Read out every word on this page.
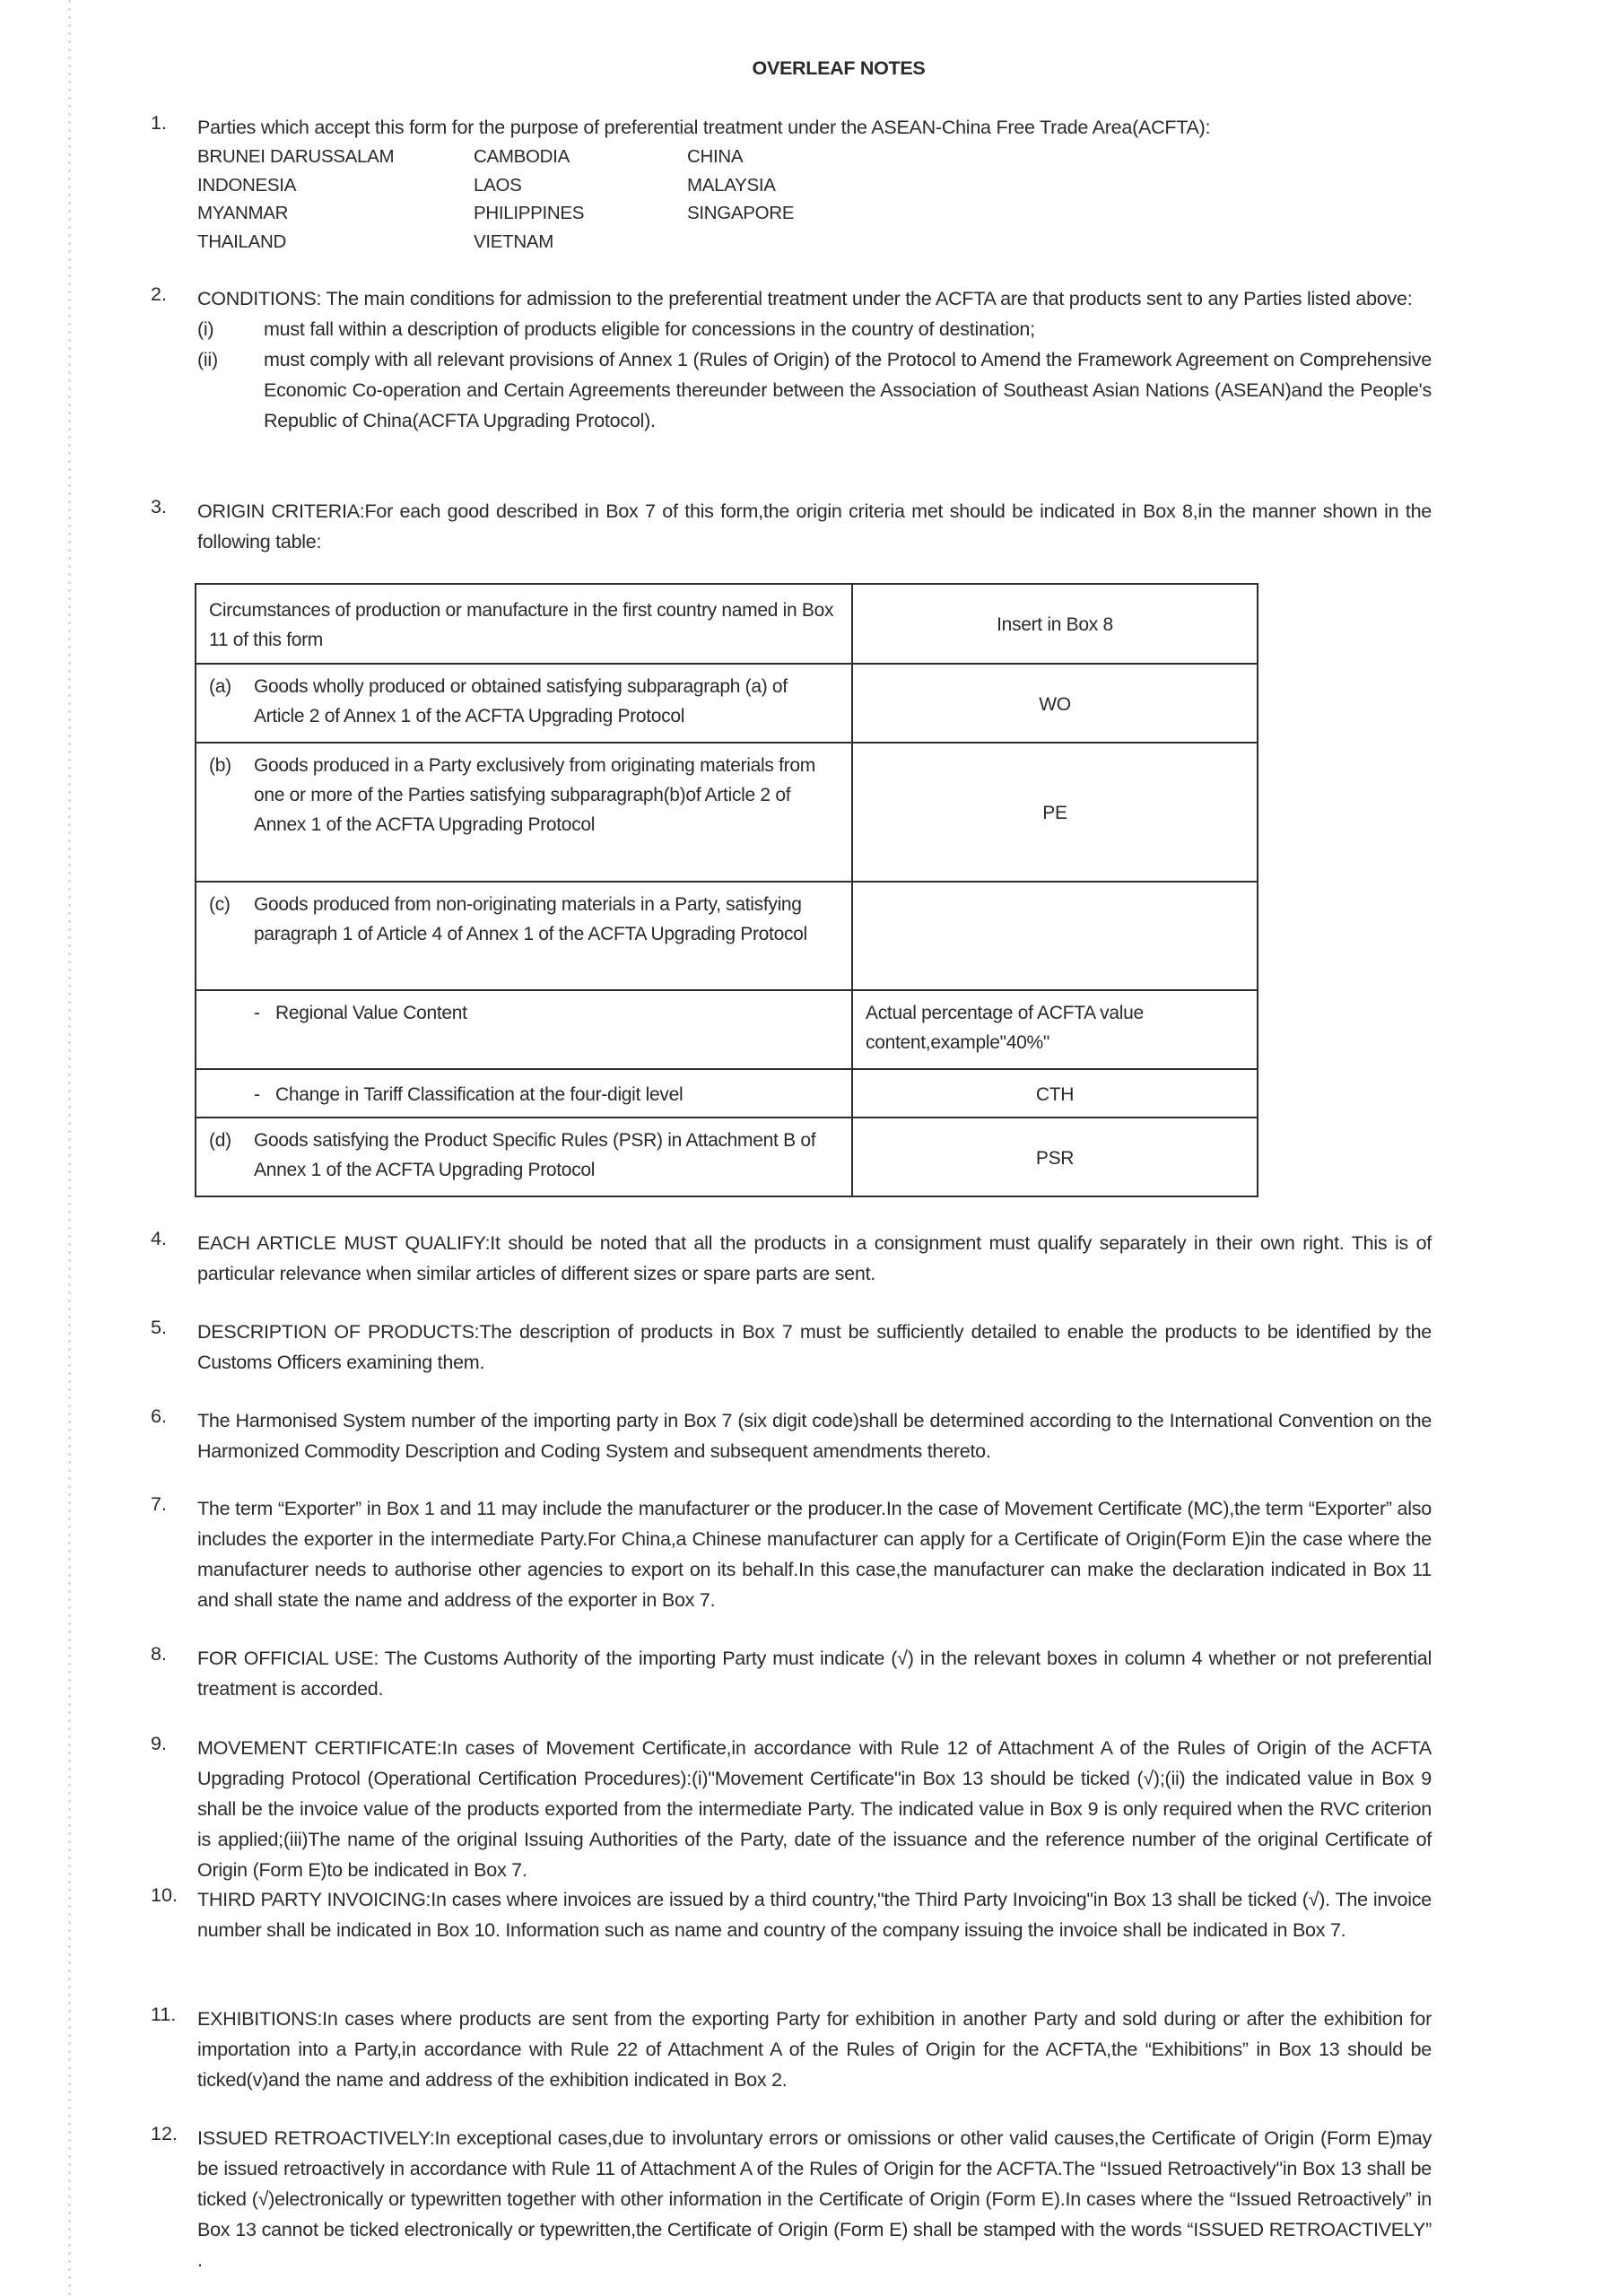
OVERLEAF NOTES
1.	Parties which accept this form for the purpose of preferential treatment under the ASEAN-China Free Trade Area(ACFTA):
BRUNEI DARUSSALAM	CAMBODIA	CHINA
INDONESIA	LAOS	MALAYSIA
MYANMAR	PHILIPPINES	SINGAPORE
THAILAND	VIETNAM
2.	CONDITIONS: The main conditions for admission to the preferential treatment under the ACFTA are that products sent to any Parties listed above:
(i)	must fall within a description of products eligible for concessions in the country of destination;
(ii)	must comply with all relevant provisions of Annex 1 (Rules of Origin) of the Protocol to Amend the Framework Agreement on Comprehensive Economic Co-operation and Certain Agreements thereunder between the Association of Southeast Asian Nations (ASEAN)and the People's Republic of China(ACFTA Upgrading Protocol).
3.	ORIGIN CRITERIA:For each good described in Box 7 of this form,the origin criteria met should be indicated in Box 8,in the manner shown in the following table:
Circumstances of production or manufacture in the first country named in Box 11 of this form	Insert in Box 8

(a) Goods wholly produced or obtained satisfying subparagraph (a) of Article 2 of Annex 1 of the ACFTA Upgrading Protocol	WO

(b) Goods produced in a Party exclusively from originating materials from one or more of the Parties satisfying subparagraph(b)of Article 2 of Annex 1 of the ACFTA Upgrading Protocol	PE

(c) Goods produced from non-originating materials in a Party, satisfying paragraph 1 of Article 4 of Annex 1 of the ACFTA Upgrading Protocol	

- Regional Value Content	Actual percentage of ACFTA value content,example"40%"

- Change in Tariff Classification at the four-digit level	CTH

(d) Goods satisfying the Product Specific Rules (PSR) in Attachment B of Annex 1 of the ACFTA Upgrading Protocol	PSR
4.	EACH ARTICLE MUST QUALIFY:It should be noted that all the products in a consignment must qualify separately in their own right. This is of particular relevance when similar articles of different sizes or spare parts are sent.
5.	DESCRIPTION OF PRODUCTS:The description of products in Box 7 must be sufficiently detailed to enable the products to be identified by the Customs Officers examining them.
6.	The Harmonised System number of the importing party in Box 7 (six digit code)shall be determined according to the International Convention on the Harmonized Commodity Description and Coding System and subsequent amendments thereto.
7.	The term “Exporter” in Box 1 and 11 may include the manufacturer or the producer.In the case of Movement Certificate (MC),the term “Exporter” also includes the exporter in the intermediate Party.For China,a Chinese manufacturer can apply for a Certificate of Origin(Form E)in the case where the manufacturer needs to authorise other agencies to export on its behalf.In this case,the manufacturer can make the declaration indicated in Box 11 and shall state the name and address of the exporter in Box 7.
8.	FOR OFFICIAL USE: The Customs Authority of the importing Party must indicate (√) in the relevant boxes in column 4 whether or not preferential treatment is accorded.
9.	MOVEMENT CERTIFICATE:In cases of Movement Certificate,in accordance with Rule 12 of Attachment A of the Rules of Origin of the ACFTA Upgrading Protocol (Operational Certification Procedures):(i)"Movement Certificate"in Box 13 should be ticked (√);(ii) the indicated value in Box 9 shall be the invoice value of the products exported from the intermediate Party. The indicated value in Box 9 is only required when the RVC criterion is applied;(iii)The name of the original Issuing Authorities of the Party, date of the issuance and the reference number of the original Certificate of Origin (Form E)to be indicated in Box 7.
10.	THIRD PARTY INVOICING:In cases where invoices are issued by a third country,"the Third Party Invoicing"in Box 13 shall be ticked (√). The invoice number shall be indicated in Box 10. Information such as name and country of the company issuing the invoice shall be indicated in Box 7.
11.	EXHIBITIONS:In cases where products are sent from the exporting Party for exhibition in another Party and sold during or after the exhibition for importation into a Party,in accordance with Rule 22 of Attachment A of the Rules of Origin for the ACFTA,the “Exhibitions” in Box 13 should be ticked(v)and the name and address of the exhibition indicated in Box 2.
12.	ISSUED RETROACTIVELY:In exceptional cases,due to involuntary errors or omissions or other valid causes,the Certificate of Origin (Form E)may be issued retroactively in accordance with Rule 11 of Attachment A of the Rules of Origin for the ACFTA.The “Issued Retroactively"in Box 13 shall be ticked (√)electronically or typewritten together with other information in the Certificate of Origin (Form E).In cases where the “Issued Retroactively” in Box 13 cannot be ticked electronically or typewritten,the Certificate of Origin (Form E) shall be stamped with the words “ISSUED RETROACTIVELY” .
